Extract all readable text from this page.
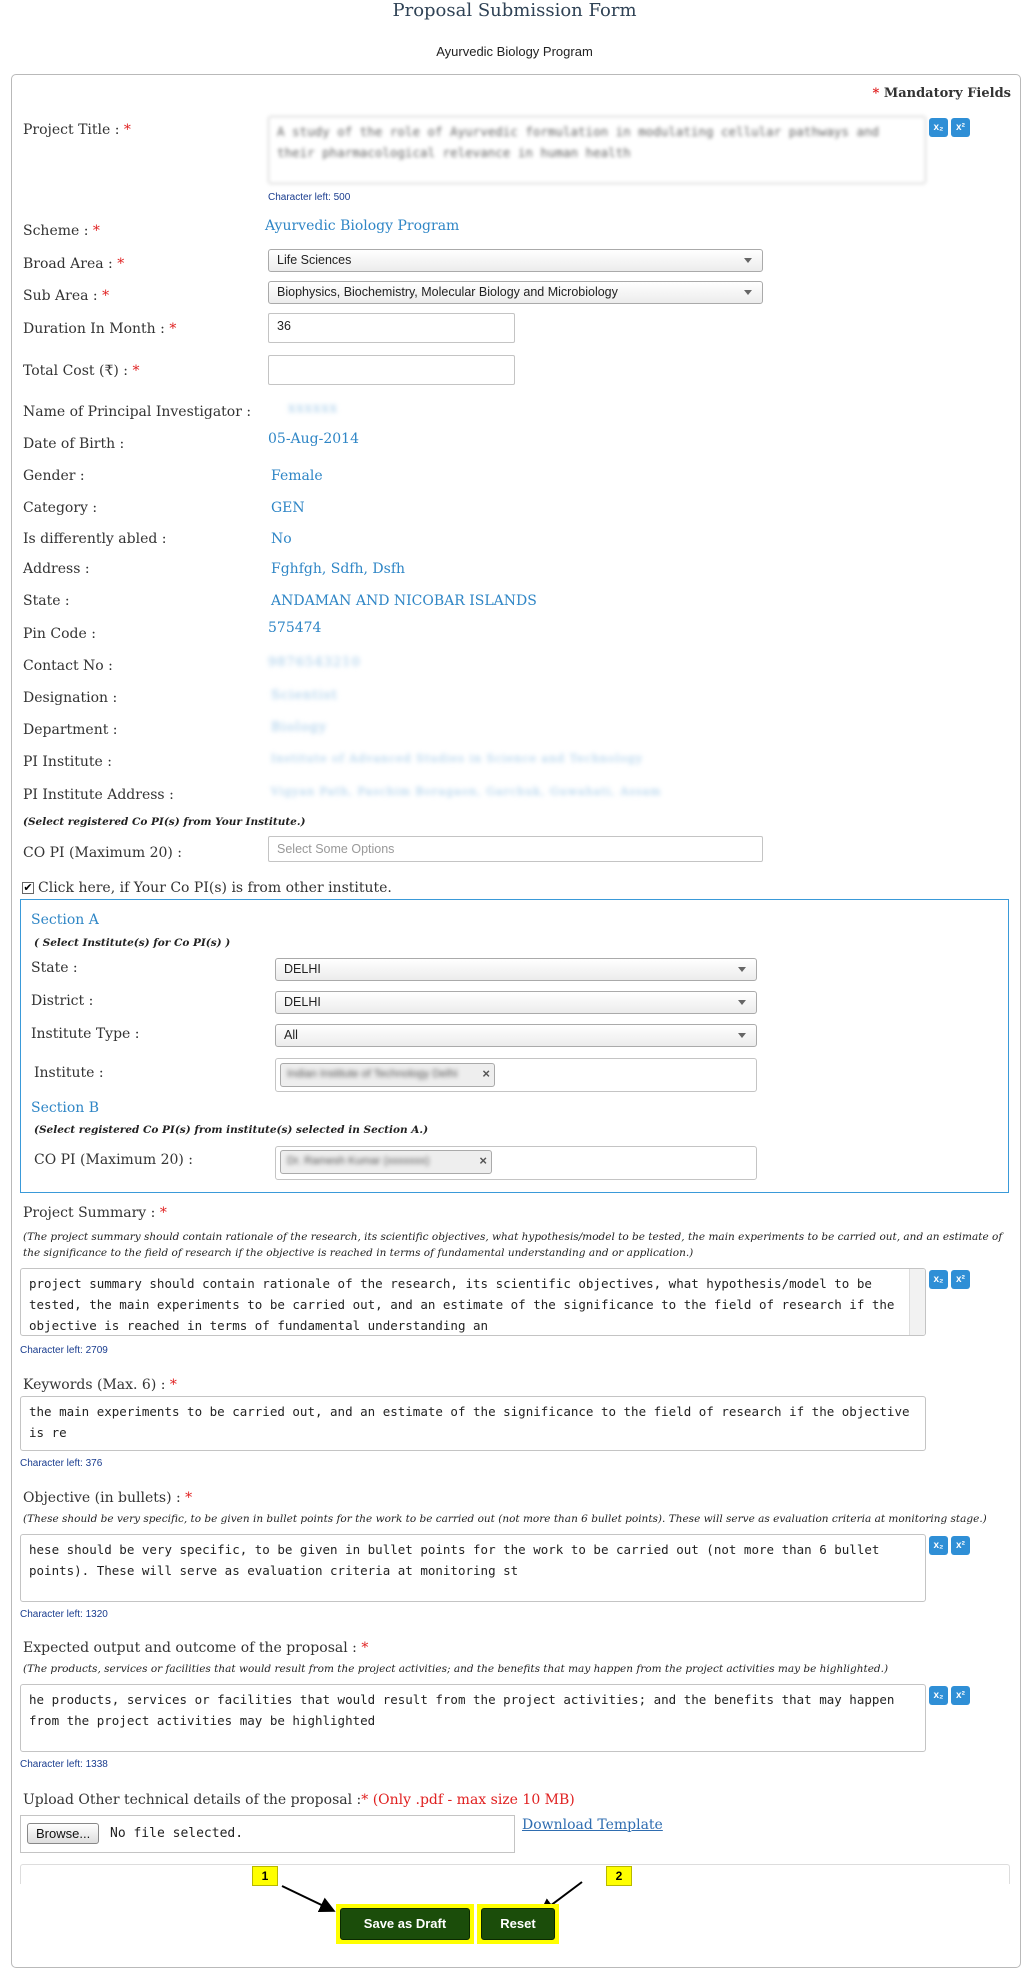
Proposal Submission Form
Ayurvedic Biology Program
* Mandatory Fields
Project Title : *	A study of the role of Ayurvedic formulation in modulating cellular pathways and their pharmacological relevance in human health
x₂	x²
Character left: 500
Scheme : *	Ayurvedic Biology Program
Broad Area : *	Life Sciences
Sub Area : *	Biophysics, Biochemistry, Molecular Biology and Microbiology
Duration In Month : *	36
Total Cost (₹) : *
Name of Principal Investigator :	xxxxxx
Date of Birth :	05-Aug-2014
Gender :	Female
Category :	GEN
Is differently abled :	No
Address :	Fghfgh, Sdfh, Dsfh
State :	ANDAMAN AND NICOBAR ISLANDS
Pin Code :	575474
Contact No :	9876543210
Designation :	Scientist
Department :	Biology
PI Institute :	Institute of Advanced Studies in Science and Technology
PI Institute Address :	Vigyan Path, Paschim Boragaon, Garchuk, Guwahati, Assam
(Select registered Co PI(s) from Your Institute.)
CO PI (Maximum 20) :	Select Some Options
✔ Click here, if Your Co PI(s) is from other institute.
Section A
( Select Institute(s) for Co PI(s) )
State :	DELHI
District :	DELHI
Institute Type :	All
Institute :	Indian Institute of Technology Delhi ×
Section B
(Select registered Co PI(s) from institute(s) selected in Section A.)
CO PI (Maximum 20) :	Dr. Ramesh Kumar (xxxxxxx)	×
Project Summary : *
(The project summary should contain rationale of the research, its scientific objectives, what hypothesis/model to be tested, the main experiments to be carried out, and an estimate of the significance to the field of research if the objective is reached in terms of fundamental understanding and or application.)
project summary should contain rationale of the research, its scientific objectives, what hypothesis/model to be tested, the main experiments to be carried out, and an estimate of the significance to the field of research if the objective is reached in terms of fundamental understanding an
x₂	x²
Character left: 2709
Keywords (Max. 6) : *
the main experiments to be carried out, and an estimate of the significance to the field of research if the objective is re
Character left: 376
Objective (in bullets) : *
(These should be very specific, to be given in bullet points for the work to be carried out (not more than 6 bullet points). These will serve as evaluation criteria at monitoring stage.)
hese should be very specific, to be given in bullet points for the work to be carried out (not more than 6 bullet points). These will serve as evaluation criteria at monitoring st
x₂	x²
Character left: 1320
Expected output and outcome of the proposal : *
(The products, services or facilities that would result from the project activities; and the benefits that may happen from the project activities may be highlighted.)
he products, services or facilities that would result from the project activities; and the benefits that may happen from the project activities may be highlighted
x₂	x²
Character left: 1338
Upload Other technical details of the proposal :* (Only .pdf - max size 10 MB)
Browse...	No file selected.
Download Template
1	2
Save as Draft	Reset
